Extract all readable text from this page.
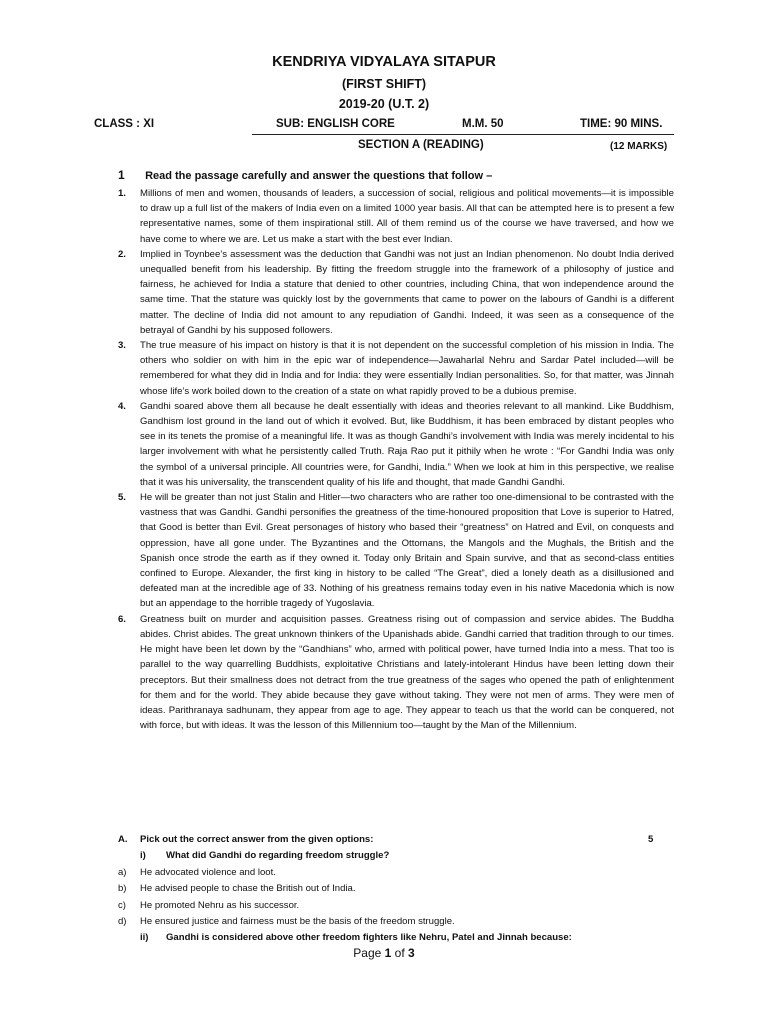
KENDRIYA VIDYALAYA SITAPUR
(FIRST SHIFT)
2019-20 (U.T. 2)
CLASS : XI	SUB: ENGLISH CORE	M.M. 50	TIME: 90 MINS.
SECTION A (READING)	(12 MARKS)
1 Read the passage carefully and answer the questions that follow –
1. Millions of men and women, thousands of leaders, a succession of social, religious and political movements—it is impossible to draw up a full list of the makers of India even on a limited 1000 year basis. All that can be attempted here is to present a few representative names, some of them inspirational still. All of them remind us of the course we have traversed, and how we have come to where we are. Let us make a start with the best ever Indian.
2. Implied in Toynbee’s assessment was the deduction that Gandhi was not just an Indian phenomenon. No doubt India derived unequalled benefit from his leadership. By fitting the freedom struggle into the framework of a philosophy of justice and fairness, he achieved for India a stature that denied to other countries, including China, that won independence around the same time. That the stature was quickly lost by the governments that came to power on the labours of Gandhi is a different matter. The decline of India did not amount to any repudiation of Gandhi. Indeed, it was seen as a consequence of the betrayal of Gandhi by his supposed followers.
3. The true measure of his impact on history is that it is not dependent on the successful completion of his mission in India. The others who soldier on with him in the epic war of independence—Jawaharlal Nehru and Sardar Patel included—will be remembered for what they did in India and for India: they were essentially Indian personalities. So, for that matter, was Jinnah whose life’s work boiled down to the creation of a state on what rapidly proved to be a dubious premise.
4. Gandhi soared above them all because he dealt essentially with ideas and theories relevant to all mankind. Like Buddhism, Gandhism lost ground in the land out of which it evolved. But, like Buddhism, it has been embraced by distant peoples who see in its tenets the promise of a meaningful life. It was as though Gandhi’s involvement with India was merely incidental to his larger involvement with what he persistently called Truth. Raja Rao put it pithily when he wrote : “For Gandhi India was only the symbol of a universal principle. All countries were, for Gandhi, India.” When we look at him in this perspective, we realise that it was his universality, the transcendent quality of his life and thought, that made Gandhi Gandhi.
5. He will be greater than not just Stalin and Hitler—two characters who are rather too one-dimensional to be contrasted with the vastness that was Gandhi. Gandhi personifies the greatness of the time-honoured proposition that Love is superior to Hatred, that Good is better than Evil. Great personages of history who based their “greatness” on Hatred and Evil, on conquests and oppression, have all gone under. The Byzantines and the Ottomans, the Mangols and the Mughals, the British and the Spanish once strode the earth as if they owned it. Today only Britain and Spain survive, and that as second-class entities confined to Europe. Alexander, the first king in history to be called “The Great”, died a lonely death as a disillusioned and defeated man at the incredible age of 33. Nothing of his greatness remains today even in his native Macedonia which is now but an appendage to the horrible tragedy of Yugoslavia.
6. Greatness built on murder and acquisition passes. Greatness rising out of compassion and service abides. The Buddha abides. Christ abides. The great unknown thinkers of the Upanishads abide. Gandhi carried that tradition through to our times. He might have been let down by the “Gandhians” who, armed with political power, have turned India into a mess. That too is parallel to the way quarrelling Buddhists, exploitative Christians and lately-intolerant Hindus have been letting down their preceptors. But their smallness does not detract from the true greatness of the sages who opened the path of enlightenment for them and for the world. They abide because they gave without taking. They were not men of arms. They were men of ideas. Parithranaya sadhunam, they appear from age to age. They appear to teach us that the world can be conquered, not with force, but with ideas. It was the lesson of this Millennium too—taught by the Man of the Millennium.
A. Pick out the correct answer from the given options:	5
i) What did Gandhi do regarding freedom struggle?
a) He advocated violence and loot.
b) He advised people to chase the British out of India.
c) He promoted Nehru as his successor.
d) He ensured justice and fairness must be the basis of the freedom struggle.
ii) Gandhi is considered above other freedom fighters like Nehru, Patel and Jinnah because:
Page 1 of 3
